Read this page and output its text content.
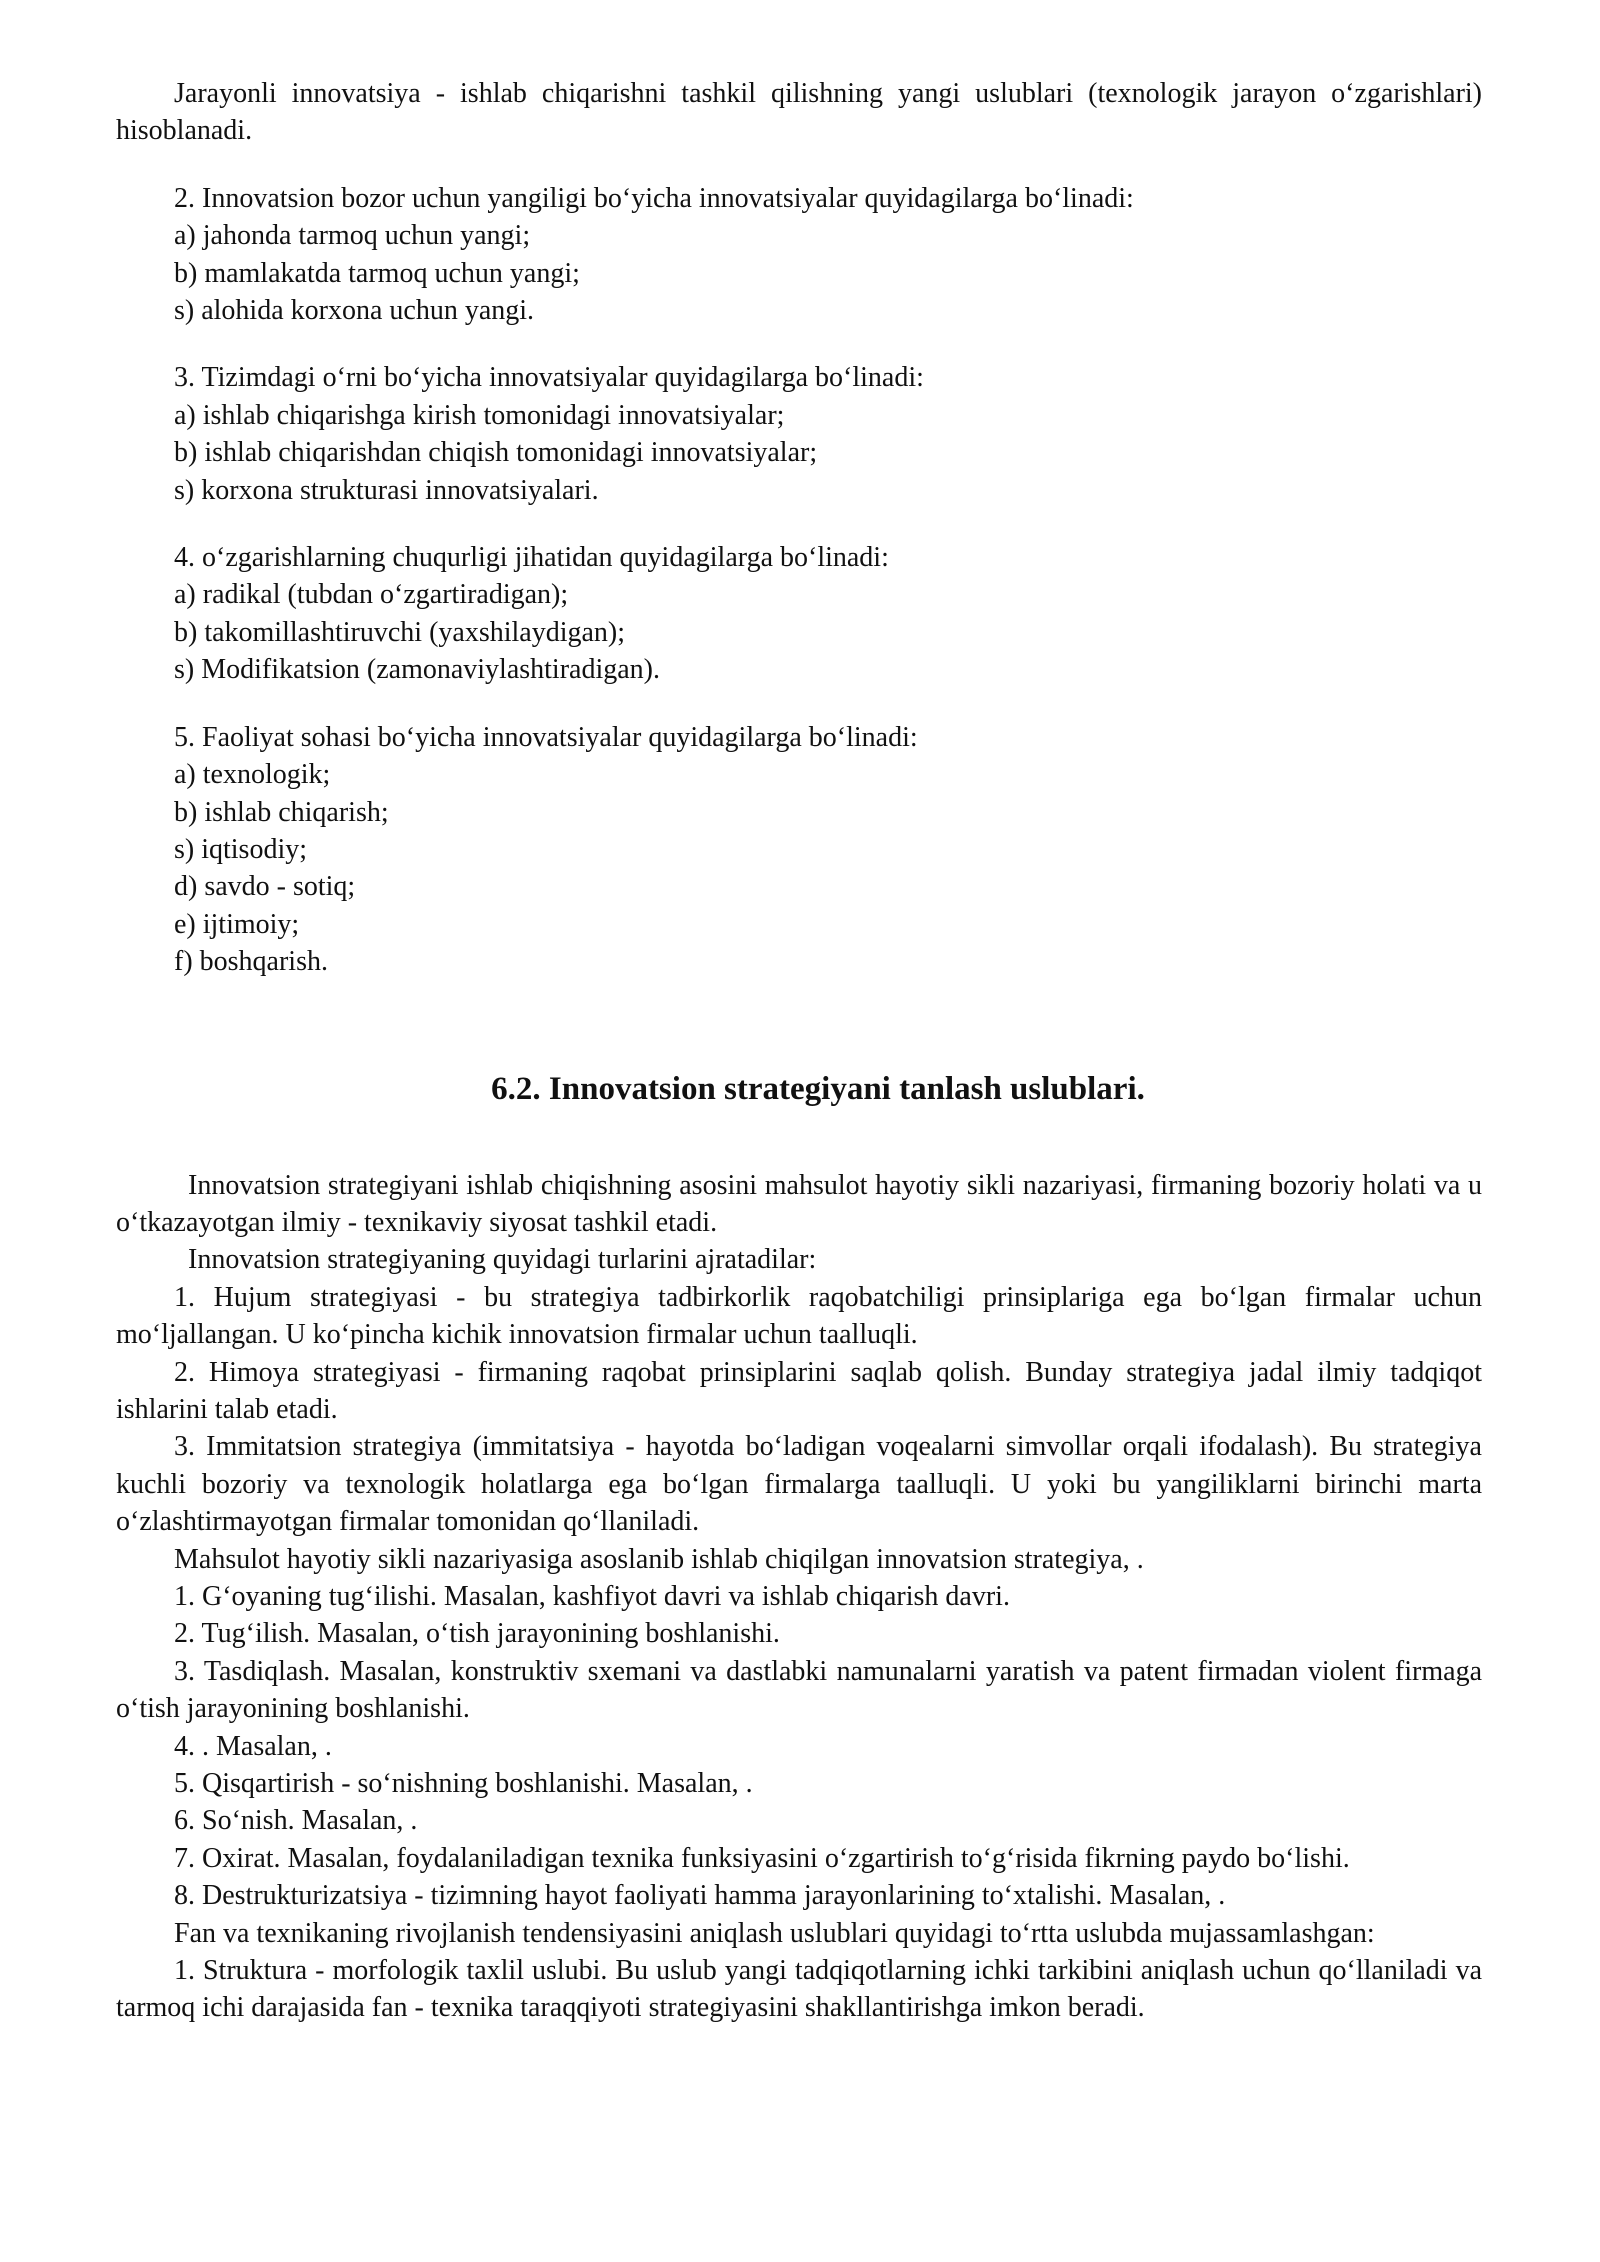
Jarayonli innovatsiya - ishlab chiqarishni tashkil qilishning yangi uslublari (texnologik jarayon o‘zgarishlari) hisoblanadi.

2. Innovatsion bozor uchun yangiligi bo‘yicha innovatsiyalar quyidagilarga bo‘linadi:
a) jahonda tarmoq uchun yangi;
b) mamlakatda tarmoq uchun yangi;
s) alohida korxona uchun yangi.
3. Tizimdagi o‘rni bo‘yicha innovatsiyalar quyidagilarga bo‘linadi:
a) ishlab chiqarishga kirish tomonidagi innovatsiyalar;
b) ishlab chiqarishdan chiqish tomonidagi innovatsiyalar;
s) korxona strukturasi innovatsiyalari.
4. o‘zgarishlarning chuqurligi jihatidan quyidagilarga bo‘linadi:
a) radikal (tubdan o‘zgartiradigan);
b) takomillashtiruvchi (yaxshilaydigan);
s) Modifikatsion (zamonaviylashtiradigan).
5. Faoliyat sohasi bo‘yicha innovatsiyalar quyidagilarga bo‘linadi:
a) texnologik;
b) ishlab chiqarish;
s) iqtisodiy;
d) savdo - sotiq;
e) ijtimoiy;
f) boshqarish.
6.2. Innovatsion strategiyani tanlash uslublari.

Innovatsion strategiyani ishlab chiqishning asosini mahsulot hayotiy sikli nazariyasi, firmaning bozoriy holati va u o‘tkazayotgan ilmiy - texnikaviy siyosat tashkil etadi.

Innovatsion strategiyaning quyidagi turlarini ajratadilar:

1. Hujum strategiyasi - bu strategiya tadbirkorlik raqobatchiligi prinsiplariga ega bo‘lgan firmalar uchun mo‘ljallangan. U ko‘pincha kichik innovatsion firmalar uchun taalluqli.

2. Himoya strategiyasi - firmaning raqobat prinsiplarini saqlab qolish. Bunday strategiya jadal ilmiy tadqiqot ishlarini talab etadi.

3. Immitatsion strategiya (immitatsiya - hayotda bo‘ladigan voqealarni simvollar orqali ifodalash). Bu strategiya kuchli bozoriy va texnologik holatlarga ega bo‘lgan firmalarga taalluqli. U yoki bu yangiliklarni birinchi marta o‘zlashtirmayotgan firmalar tomonidan qo‘llaniladi.

Mahsulot hayotiy sikli nazariyasiga asoslanib ishlab chiqilgan innovatsion strategiya, .

1. G‘oyaning tug‘ilishi. Masalan, kashfiyot davri va ishlab chiqarish davri.

2. Tug‘ilish. Masalan, o‘tish jarayonining boshlanishi.

3. Tasdiqlash. Masalan, konstruktiv sxemani va dastlabki namunalarni yaratish va patent firmadan violent firmaga o‘tish jarayonining boshlanishi.

4. . Masalan, .

5. Qisqartirish - so‘nishning boshlanishi. Masalan, .

6. So‘nish. Masalan, .

7. Oxirat. Masalan, foydalaniladigan texnika funksiyasini o‘zgartirish to‘g‘risida fikrning paydo bo‘lishi.

8. Destrukturizatsiya - tizimning hayot faoliyati hamma jarayonlarining to‘xtalishi. Masalan, .

Fan va texnikaning rivojlanish tendensiyasini aniqlash uslublari quyidagi to‘rtta uslubda mujassamlashgan:

1. Struktura - morfologik taxlil uslubi. Bu uslub yangi tadqiqotlarning ichki tarkibini aniqlash uchun qo‘llaniladi va tarmoq ichi darajasida fan - texnika taraqqiyoti strategiyasini shakllantirishga imkon beradi.
